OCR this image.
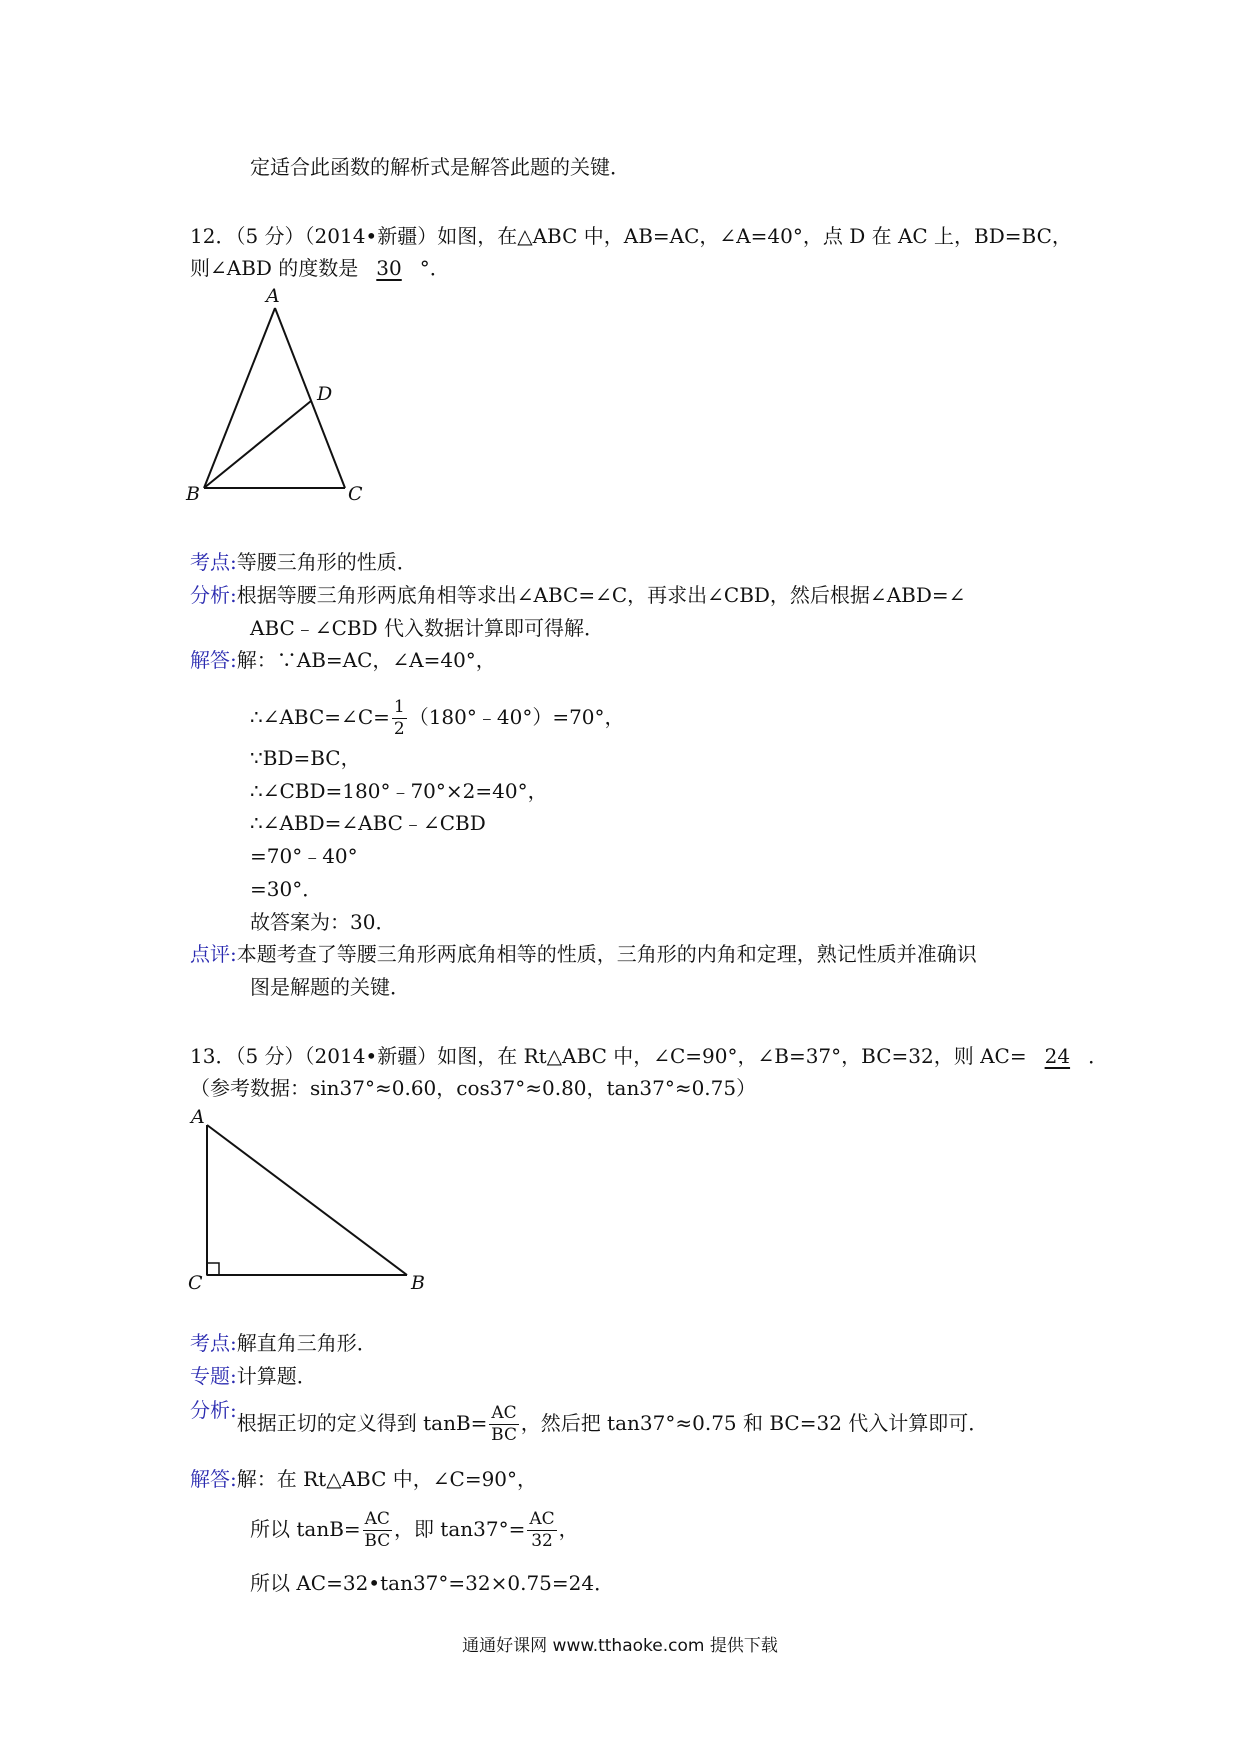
定适合此函数的解析式是解答此题的关键．
12．（5 分）（2014•新疆）如图，在△ABC 中，AB=AC，∠A=40°，点 D 在 AC 上，BD=BC，
则∠ABD 的度数是 30 °．
A
B	C
D
考点:等腰三角形的性质．
分析:根据等腰三角形两底角相等求出∠ABC=∠C，再求出∠CBD，然后根据∠ABD=∠
ABC﹣∠CBD 代入数据计算即可得解．
解答:解：∵AB=AC，∠A=40°，
∴∠ABC=∠C= $\frac{1}{2}$ （180°﹣40°）=70°，
∵BD=BC，
∴∠CBD=180°﹣70°×2=40°，
∴∠ABD=∠ABC﹣∠CBD
=70°﹣40°
=30°．
故答案为：30．
点评:本题考查了等腰三角形两底角相等的性质，三角形的内角和定理，熟记性质并准确识
图是解题的关键．
13．（5 分）（2014•新疆）如图，在 Rt△ABC 中，∠C=90°，∠B=37°，BC=32，则 AC= 24 ．
（参考数据：sin37°≈0.60，cos37°≈0.80，tan37°≈0.75）
A
C	B
考点:解直角三角形．
专题:计算题．
分析:根据正切的定义得到 $\tan B= \frac{AC}{BC}$ ，然后把 tan37°≈0.75 和 BC=32 代入计算即可．
解答:解：在 Rt△ABC 中，∠C=90°，
所以 $\tan B= \frac{AC}{BC}$ ，即 $\tan 37^\circ= \frac{AC}{32}$ ，
所以 AC=32•tan37°=32×0.75=24．
通通好课网 www.tthaoke.com 提供下载
